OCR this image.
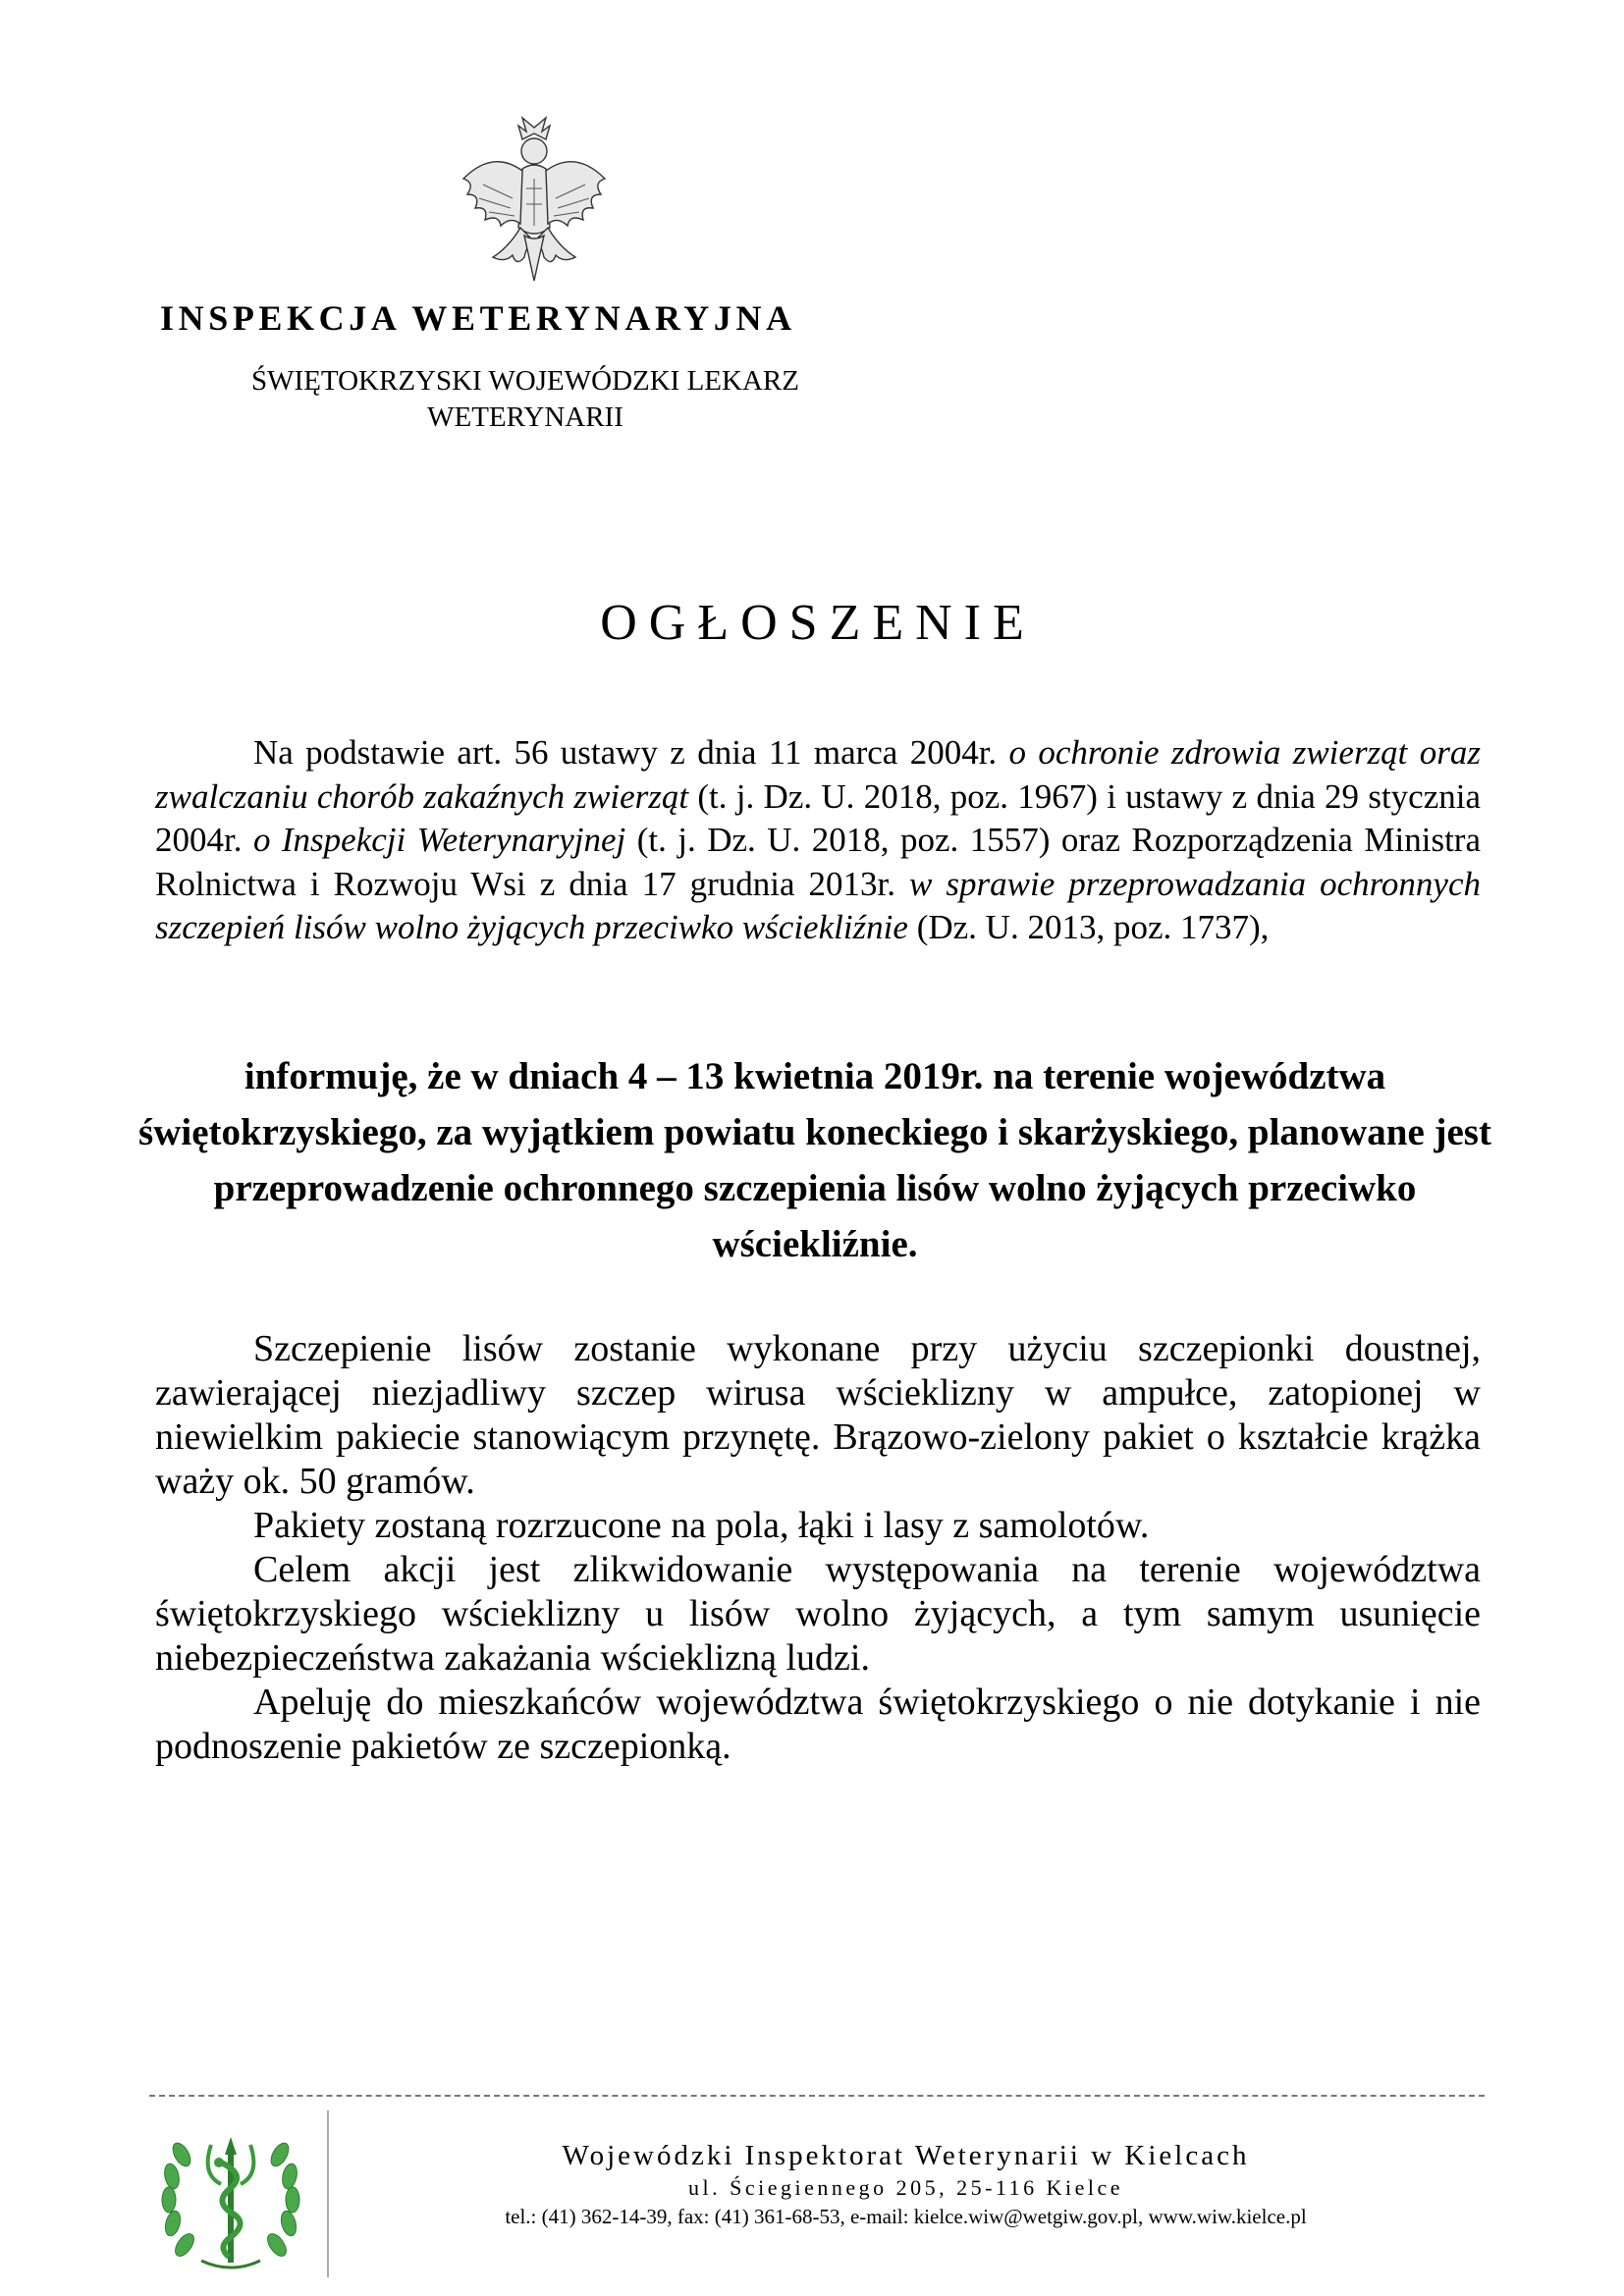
INSPEKCJA WETERYNARYJNA
ŚWIĘTOKRZYSKI WOJEWÓDZKI LEKARZ
WETERYNARII
OGŁOSZENIE

Na podstawie art. 56 ustawy z dnia 11 marca 2004r. o ochronie zdrowia zwierząt oraz zwalczaniu chorób zakaźnych zwierząt (t. j. Dz. U. 2018, poz. 1967) i ustawy z dnia 29 stycznia 2004r. o Inspekcji Weterynaryjnej (t. j. Dz. U. 2018, poz. 1557) oraz Rozporządzenia Ministra Rolnictwa i Rozwoju Wsi z dnia 17 grudnia 2013r. w sprawie przeprowadzania ochronnych szczepień lisów wolno żyjących przeciwko wściekliźnie (Dz. U. 2013, poz. 1737),

informuję, że w dniach 4 – 13 kwietnia 2019r. na terenie województwa świętokrzyskiego, za wyjątkiem powiatu koneckiego i skarżyskiego, planowane jest przeprowadzenie ochronnego szczepienia lisów wolno żyjących przeciwko wściekliźnie.

Szczepienie lisów zostanie wykonane przy użyciu szczepionki doustnej, zawierającej niezjadliwy szczep wirusa wścieklizny w ampułce, zatopionej w niewielkim pakiecie stanowiącym przynętę. Brązowo-zielony pakiet o kształcie krążka waży ok. 50 gramów.

Pakiety zostaną rozrzucone na pola, łąki i lasy z samolotów.

Celem akcji jest zlikwidowanie występowania na terenie województwa świętokrzyskiego wścieklizny u lisów wolno żyjących, a tym samym usunięcie niebezpieczeństwa zakażania wścieklizną ludzi.

Apeluję do mieszkańców województwa świętokrzyskiego o nie dotykanie i nie podnoszenie pakietów ze szczepionką.

Wojewódzki Inspektorat Weterynarii w Kielcach
ul. Ściegiennego 205, 25-116 Kielce
tel.: (41) 362-14-39, fax: (41) 361-68-53, e-mail: kielce.wiw@wetgiw.gov.pl, www.wiw.kielce.pl
